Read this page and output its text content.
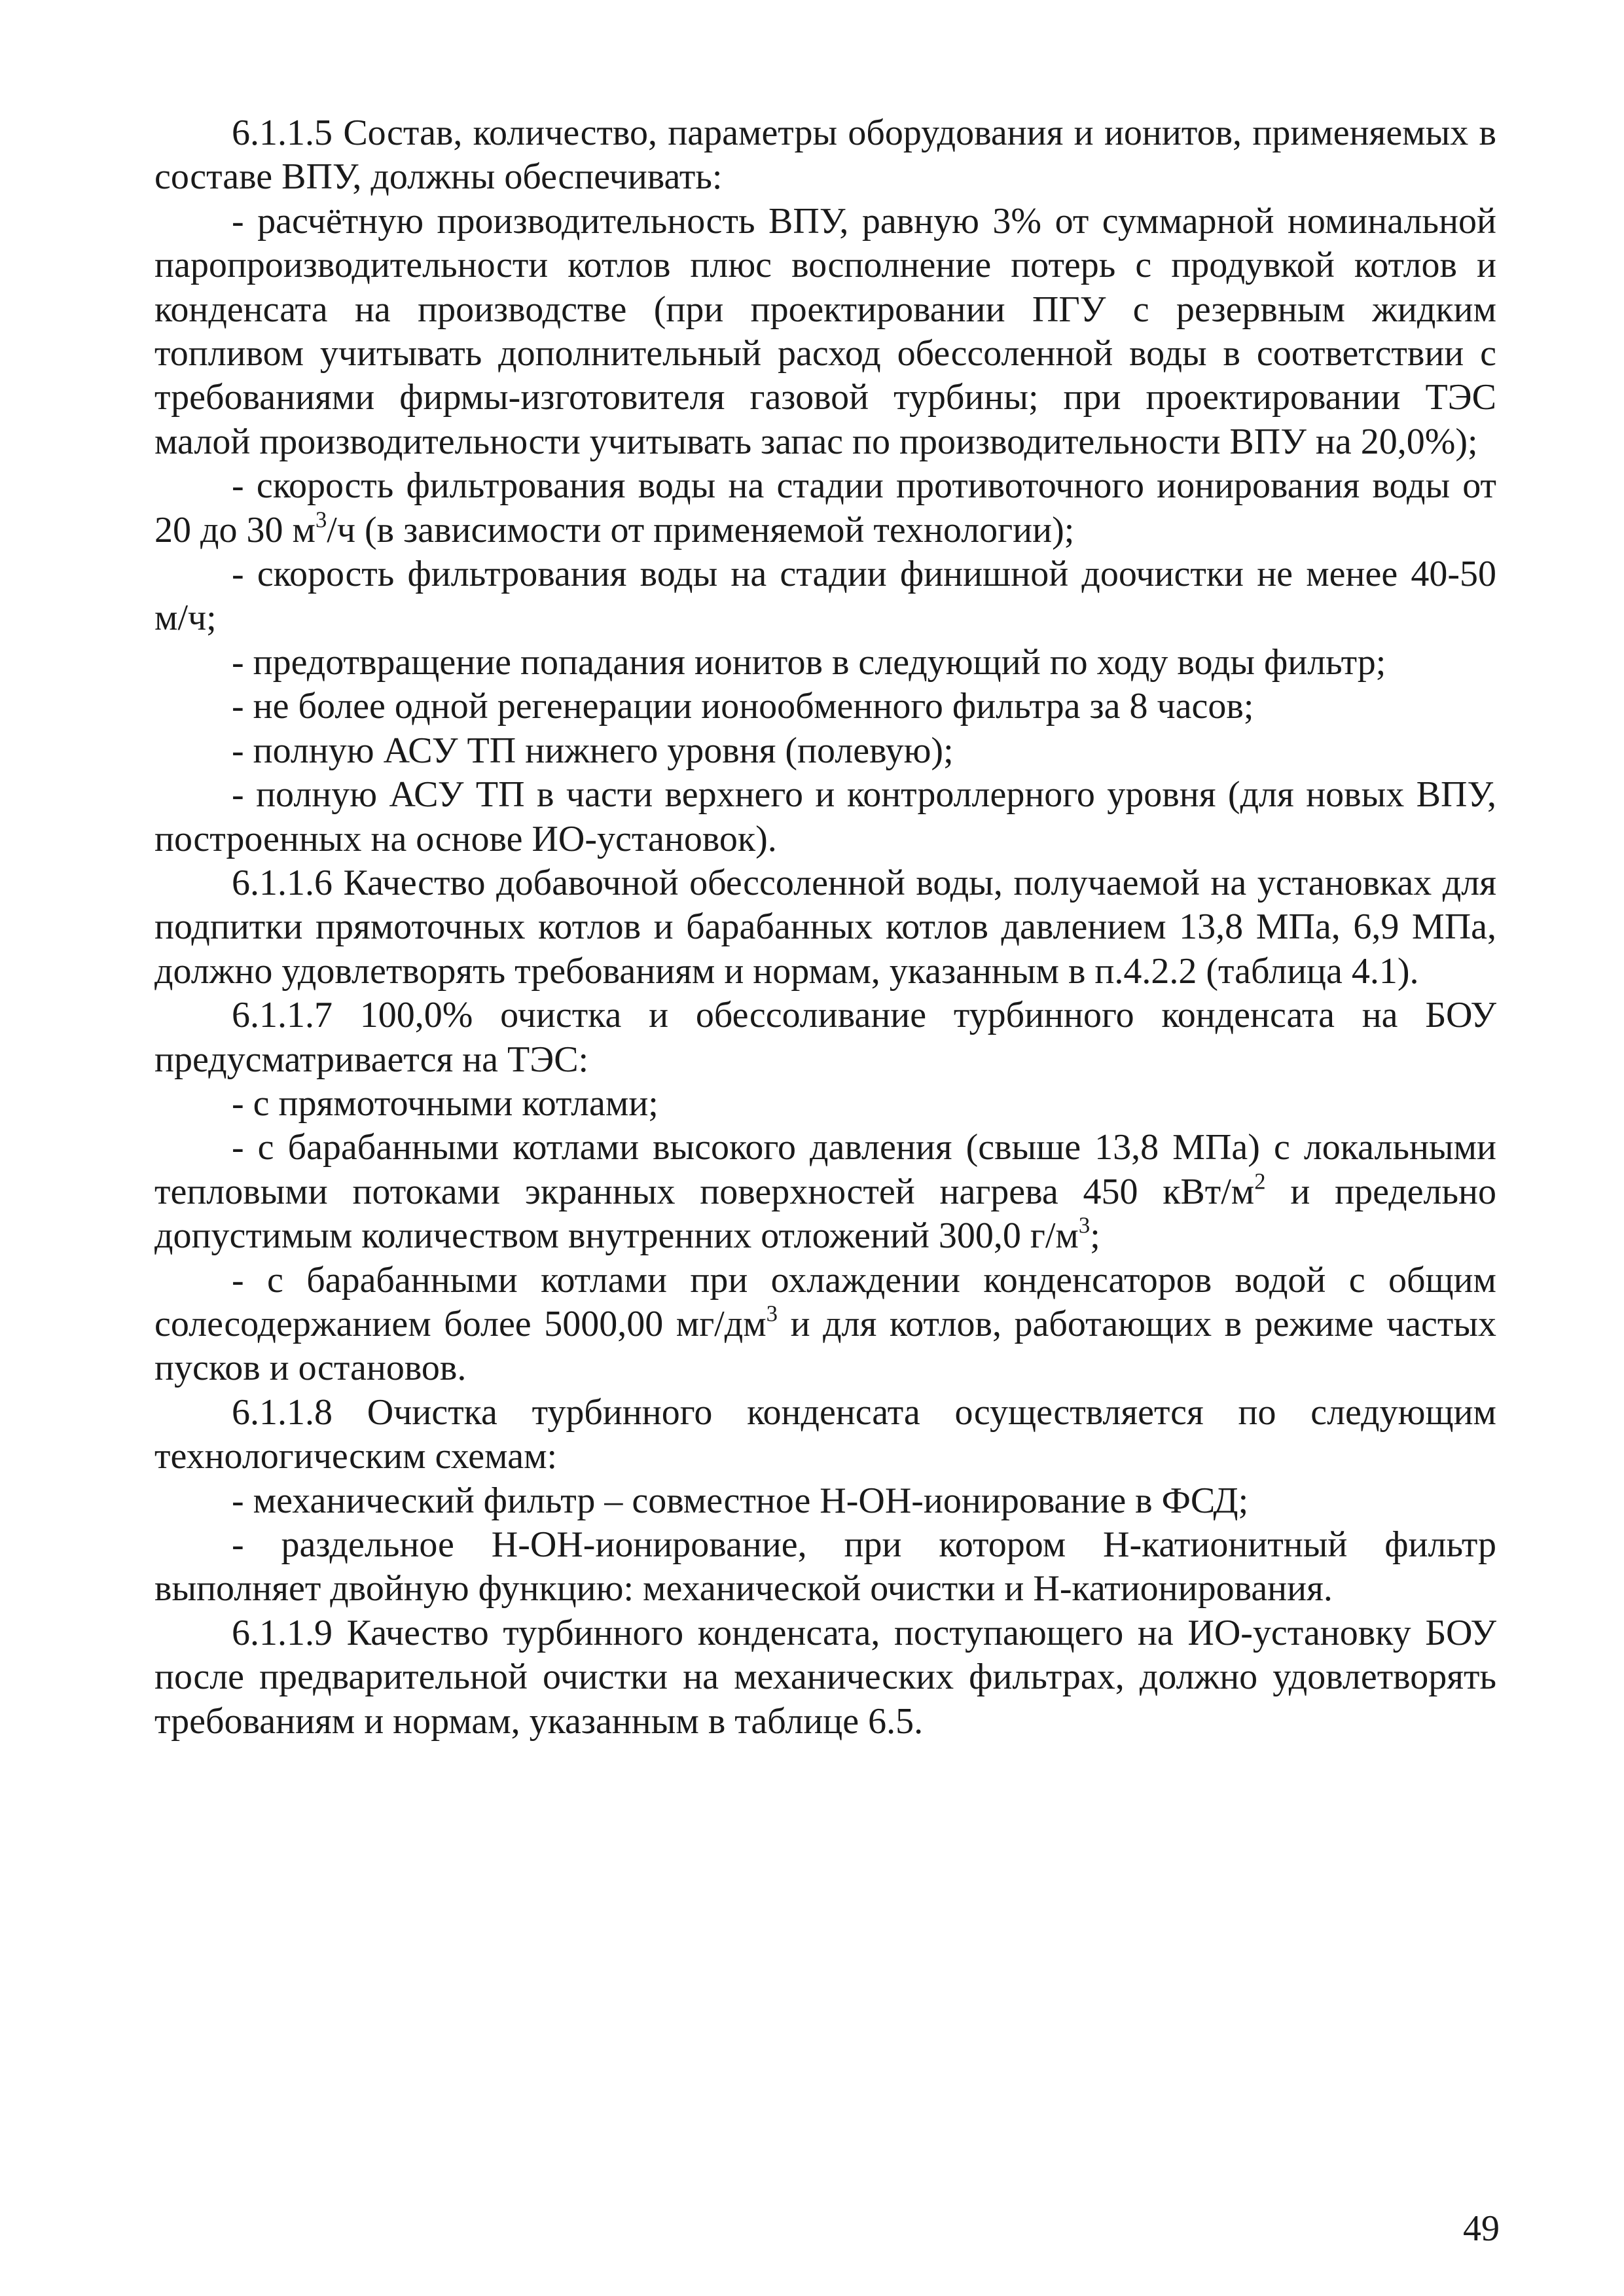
6.1.1.5 Состав, количество, параметры оборудования и ионитов, применяемых в составе ВПУ, должны обеспечивать:

- расчётную производительность ВПУ, равную 3% от суммарной номинальной паропроизводительности котлов плюс восполнение потерь с продувкой котлов и конденсата на производстве (при проектировании ПГУ с резервным жидким топливом учитывать дополнительный расход обессоленной воды в соответствии с требованиями фирмы-изготовителя газовой турбины; при проектировании ТЭС малой производительности учитывать запас по производительности ВПУ на 20,0%);

- скорость фильтрования воды на стадии противоточного ионирования воды от 20 до 30 $м^3/ч$ (в зависимости от применяемой технологии);

- скорость фильтрования воды на стадии финишной доочистки не менее 40-50 м/ч;

- предотвращение попадания ионитов в следующий по ходу воды фильтр;

- не более одной регенерации ионообменного фильтра за 8 часов;

- полную АСУ ТП нижнего уровня (полевую);

- полную АСУ ТП в части верхнего и контроллерного уровня (для новых ВПУ, построенных на основе ИО-установок).

6.1.1.6 Качество добавочной обессоленной воды, получаемой на установках для подпитки прямоточных котлов и барабанных котлов давлением 13,8 МПа, 6,9 МПа, должно удовлетворять требованиям и нормам, указанным в п.4.2.2 (таблица 4.1).

6.1.1.7 100,0% очистка и обессоливание турбинного конденсата на БОУ предусматривается на ТЭС:

- с прямоточными котлами;

- с барабанными котлами высокого давления (свыше 13,8 МПа) с локальными тепловыми потоками экранных поверхностей нагрева 450 кВт/$м^2$ и предельно допустимым количеством внутренних отложений 300,0 $г/м^3$;

- с барабанными котлами при охлаждении конденсаторов водой с общим солесодержанием более 5000,00 $мг/дм^3$ и для котлов, работающих в режиме частых пусков и остановов.

6.1.1.8 Очистка турбинного конденсата осуществляется по следующим технологическим схемам:

- механический фильтр – совместное Н-ОН-ионирование в ФСД;

- раздельное Н-ОН-ионирование, при котором Н-катионитный фильтр выполняет двойную функцию: механической очистки и Н-катионирования.

6.1.1.9 Качество турбинного конденсата, поступающего на ИО-установку БОУ после предварительной очистки на механических фильтрах, должно удовлетворять требованиям и нормам, указанным в таблице 6.5.

49
